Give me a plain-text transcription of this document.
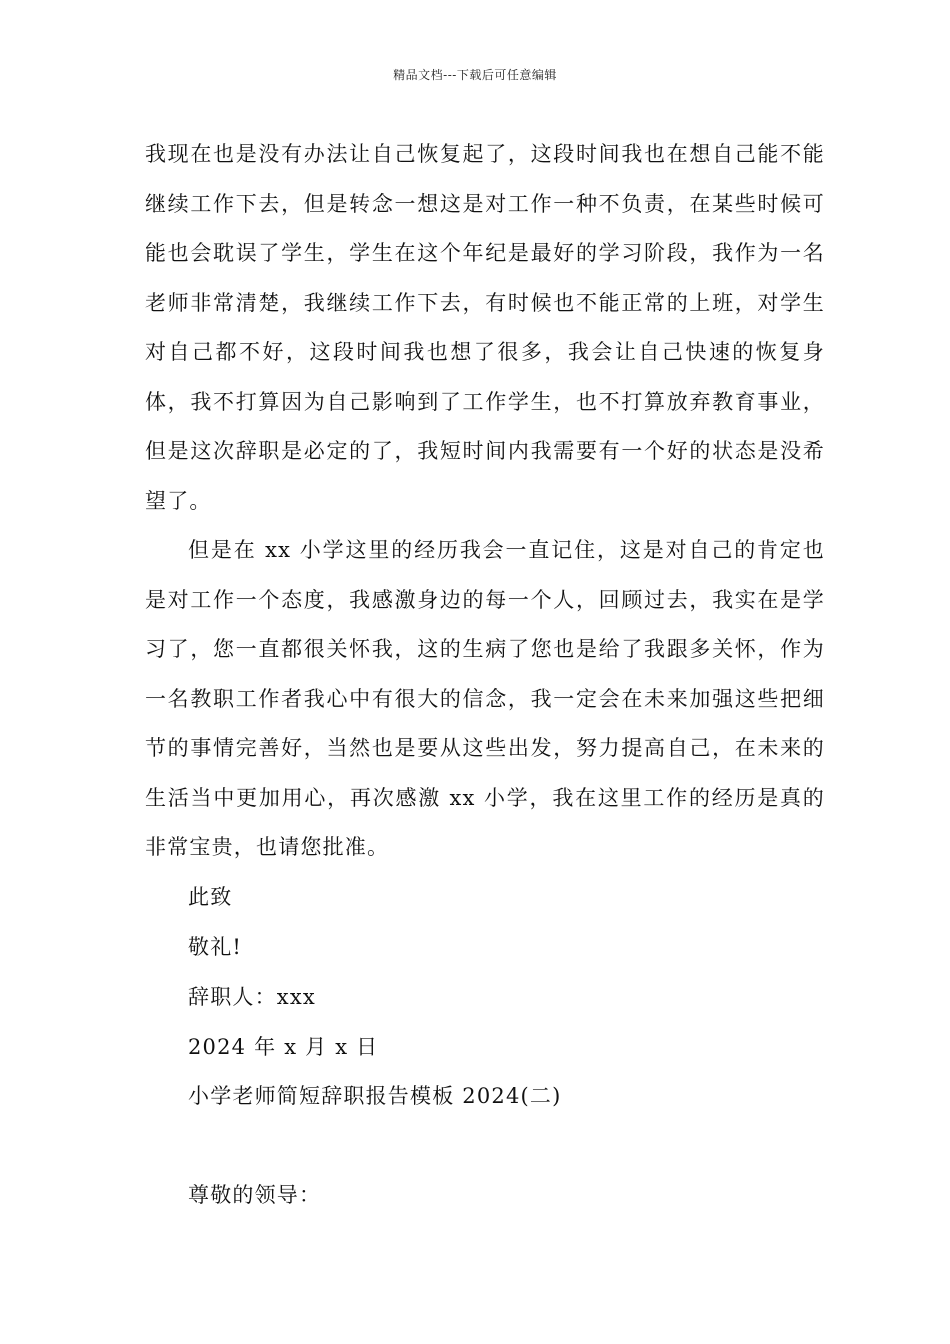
精品文档---下载后可任意编辑

我现在也是没有办法让自己恢复起了，这段时间我也在想自己能不能继续工作下去，但是转念一想这是对工作一种不负责，在某些时候可能也会耽误了学生，学生在这个年纪是最好的学习阶段，我作为一名老师非常清楚，我继续工作下去，有时候也不能正常的上班，对学生对自己都不好，这段时间我也想了很多，我会让自己快速的恢复身体，我不打算因为自己影响到了工作学生，也不打算放弃教育事业，但是这次辞职是必定的了，我短时间内我需要有一个好的状态是没希望了。

但是在 xx 小学这里的经历我会一直记住，这是对自己的肯定也是对工作一个态度，我感激身边的每一个人，回顾过去，我实在是学习了，您一直都很关怀我，这的生病了您也是给了我跟多关怀，作为一名教职工作者我心中有很大的信念，我一定会在未来加强这些把细节的事情完善好，当然也是要从这些出发，努力提高自己，在未来的生活当中更加用心，再次感激 xx 小学，我在这里工作的经历是真的非常宝贵，也请您批准。

此致
敬礼!
辞职人：xxx
2024 年 x 月 x 日
小学老师简短辞职报告模板 2024(二)
尊敬的领导：
